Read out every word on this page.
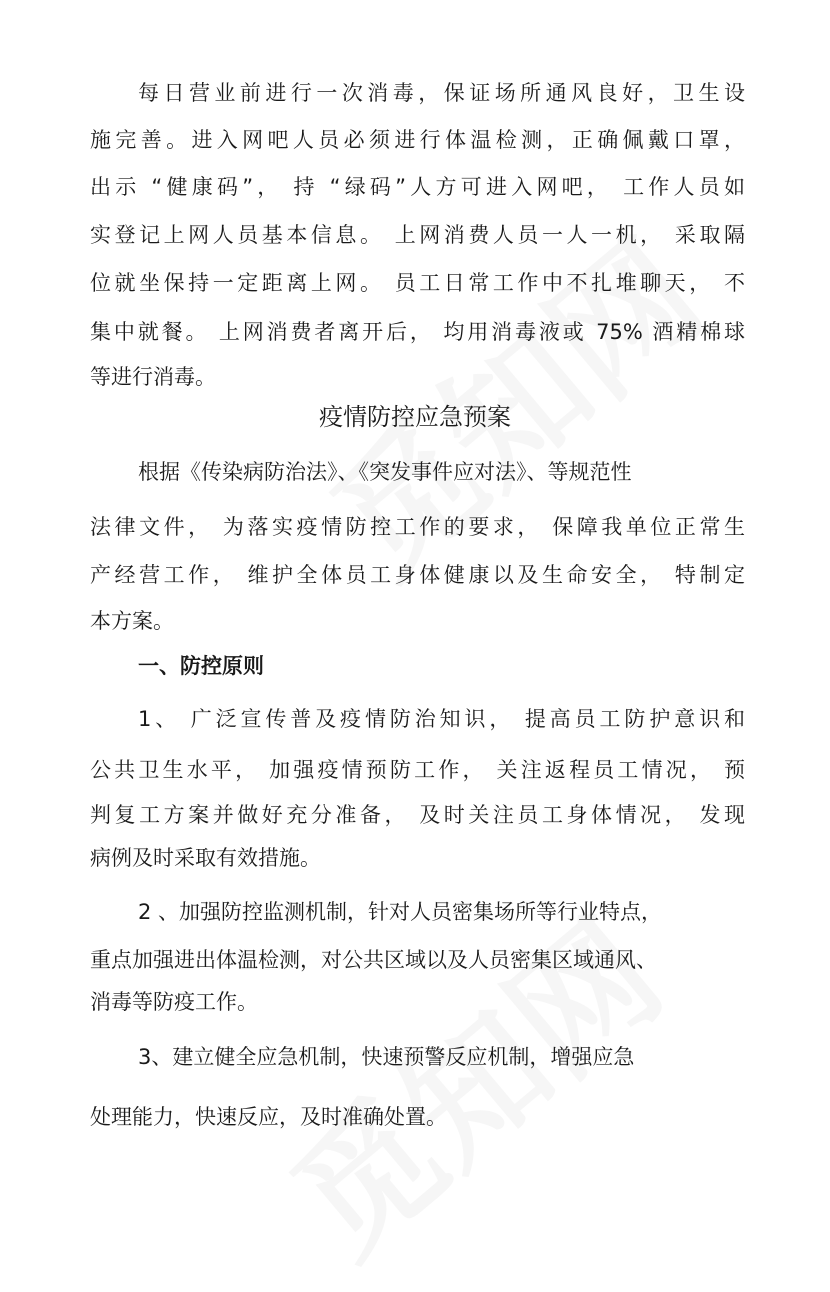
每日营业前进行一次消毒，保证场所通风良好，卫生设
施完善。进入网吧人员必须进行体温检测，正确佩戴口罩，
出示 “健康码”， 持 “绿码”人方可进入网吧， 工作人员如
实登记上网人员基本信息。 上网消费人员一人一机， 采取隔
位就坐保持一定距离上网。 员工日常工作中不扎堆聊天， 不
集中就餐。 上网消费者离开后， 均用消毒液或 75% 酒精棉球
等进行消毒。
疫情防控应急预案
根据《传染病防治法》、《突发事件应对法》、等规范性
法律文件， 为落实疫情防控工作的要求， 保障我单位正常生
产经营工作， 维护全体员工身体健康以及生命安全， 特制定
本方案。
一、防控原则
1、 广泛宣传普及疫情防治知识， 提高员工防护意识和
公共卫生水平， 加强疫情预防工作， 关注返程员工情况， 预
判复工方案并做好充分准备， 及时关注员工身体情况， 发现
病例及时采取有效措施。
2 、加强防控监测机制，针对人员密集场所等行业特点，
重点加强进出体温检测，对公共区域以及人员密集区域通风、
消毒等防疫工作。
3、建立健全应急机制，快速预警反应机制，增强应急
处理能力，快速反应，及时准确处置。
